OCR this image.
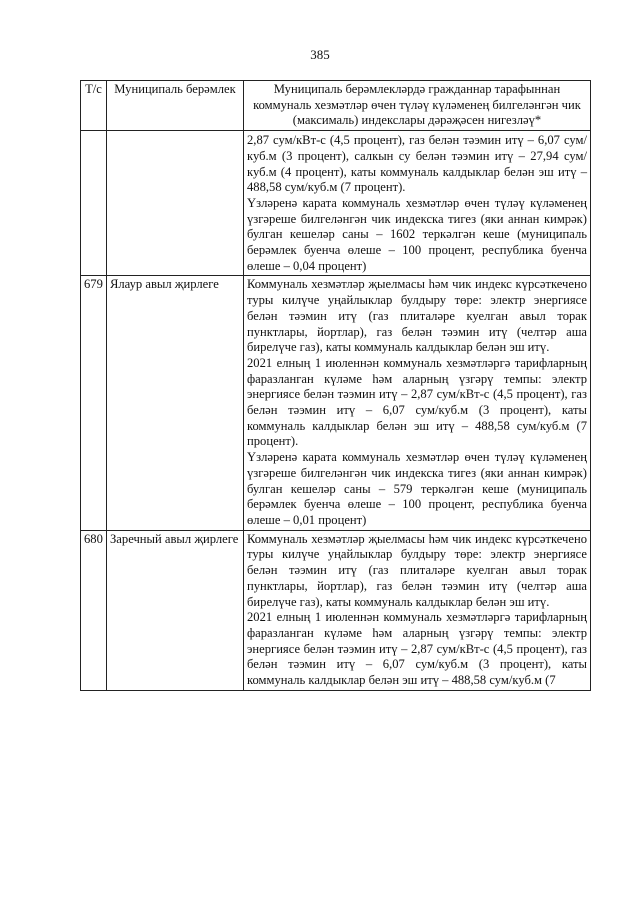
385
Т/с	Муниципаль берәмлек	Муниципаль берәмлекләрдә гражданнар тарафыннан коммуналь хезмәтләр өчен түләү күләменең билгеләнгән чик (максималь) индекслары дәрәҗәсен нигезләү*

		2,87 сум/кВт-с (4,5 процент), газ белән тәэмин итү – 6,07 сум/куб.м (3 процент), салкын су белән тәэмин итү – 27,94 сум/куб.м (4 процент), каты коммуналь калдыклар белән эш итү – 488,58 сум/куб.м (7 процент).
Үзләренә карата коммуналь хезмәтләр өчен түләү күләменең үзгәреше билгеләнгән чик индекска тигез (яки аннан кимрәк) булган кешеләр саны – 1602 теркәлгән кеше (муниципаль берәмлек буенча өлеше – 100 процент, республика буенча өлеше – 0,04 процент)

679	Ялаур авыл җирлеге	Коммуналь хезмәтләр җыелмасы һәм чик индекс күрсәткечено туры килүче уңайлыклар булдыру төре: электр энергиясе белән тәэмин итү (газ плиталәре куелган авыл торак пунктлары, йортлар), газ белән тәэмин итү (челтәр аша бирелүче газ), каты коммуналь калдыклар белән эш итү.
2021 елның 1 июленнән коммуналь хезмәтләргә тарифларның фаразланган күләме һәм аларның үзгәрү темпы: электр энергиясе белән тәэмин итү – 2,87 сум/кВт-с (4,5 процент), газ белән тәэмин итү – 6,07 сум/куб.м (3 процент), каты коммуналь калдыклар белән эш итү – 488,58 сум/куб.м (7 процент).
Үзләренә карата коммуналь хезмәтләр өчен түләү күләменең үзгәреше билгеләнгән чик индекска тигез (яки аннан кимрәк) булган кешеләр саны – 579 теркәлгән кеше (муниципаль берәмлек буенча өлеше – 100 процент, республика буенча өлеше – 0,01 процент)

680	Заречный авыл җирлеге	Коммуналь хезмәтләр җыелмасы һәм чик индекс күрсәткечено туры килүче уңайлыклар булдыру төре: электр энергиясе белән тәэмин итү (газ плиталәре куелган авыл торак пунктлары, йортлар), газ белән тәэмин итү (челтәр аша бирелүче газ), каты коммуналь калдыклар белән эш итү.
2021 елның 1 июленнән коммуналь хезмәтләргә тарифларның фаразланган күләме һәм аларның үзгәрү темпы: электр энергиясе белән тәэмин итү – 2,87 сум/кВт-с (4,5 процент), газ белән тәэмин итү – 6,07 сум/куб.м (3 процент), каты коммуналь калдыклар белән эш итү – 488,58 сум/куб.м (7
